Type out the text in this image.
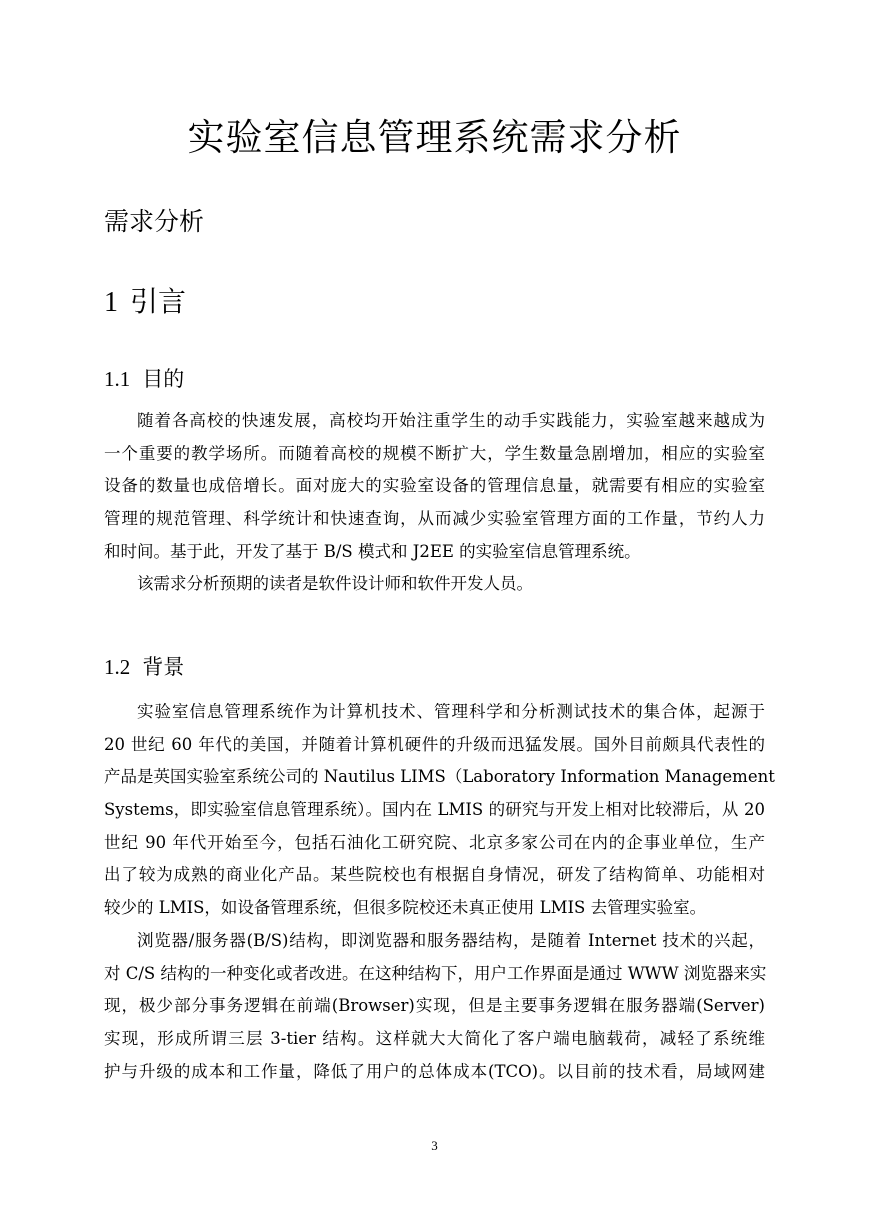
实验室信息管理系统需求分析
需求分析
1 引言
1.1 目的
随着各高校的快速发展，高校均开始注重学生的动手实践能力，实验室越来越成为
一个重要的教学场所。而随着高校的规模不断扩大，学生数量急剧增加，相应的实验室
设备的数量也成倍增长。面对庞大的实验室设备的管理信息量，就需要有相应的实验室
管理的规范管理、科学统计和快速查询，从而减少实验室管理方面的工作量，节约人力
和时间。基于此，开发了基于 B/S 模式和 J2EE 的实验室信息管理系统。
该需求分析预期的读者是软件设计师和软件开发人员。
1.2 背景
实验室信息管理系统作为计算机技术、管理科学和分析测试技术的集合体，起源于
20 世纪 60 年代的美国，并随着计算机硬件的升级而迅猛发展。国外目前颇具代表性的
产品是英国实验室系统公司的 Nautilus LIMS（Laboratory Information Management
Systems，即实验室信息管理系统）。国内在 LMIS 的研究与开发上相对比较滞后，从 20
世纪 90 年代开始至今，包括石油化工研究院、北京多家公司在内的企事业单位，生产
出了较为成熟的商业化产品。某些院校也有根据自身情况，研发了结构简单、功能相对
较少的 LMIS，如设备管理系统，但很多院校还未真正使用 LMIS 去管理实验室。
浏览器/服务器(B/S)结构，即浏览器和服务器结构，是随着 Internet 技术的兴起，
对 C/S 结构的一种变化或者改进。在这种结构下，用户工作界面是通过 WWW 浏览器来实
现，极少部分事务逻辑在前端(Browser)实现，但是主要事务逻辑在服务器端(Server)
实现，形成所谓三层 3-tier 结构。这样就大大简化了客户端电脑载荷，减轻了系统维
护与升级的成本和工作量，降低了用户的总体成本(TCO)。以目前的技术看，局域网建
3
